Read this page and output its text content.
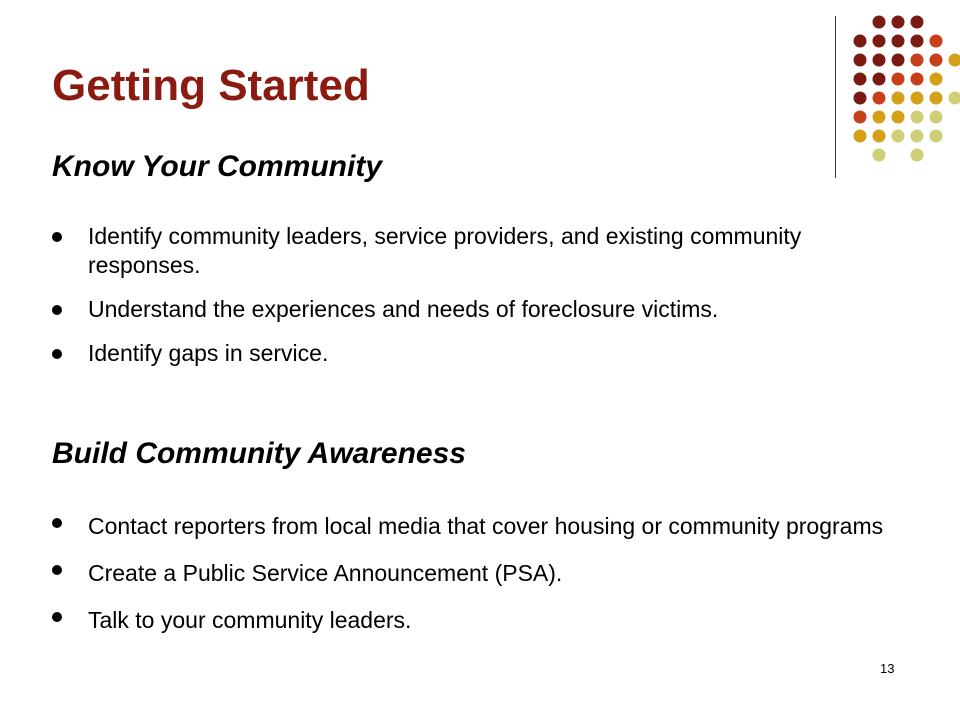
Getting Started
Know Your Community
Identify community leaders, service providers, and existing community responses.
Understand the experiences and needs of foreclosure victims.
Identify gaps in service.
Build Community Awareness
Contact reporters from local media that cover housing or community programs
Create a Public Service Announcement (PSA).
Talk to your community leaders.
13
